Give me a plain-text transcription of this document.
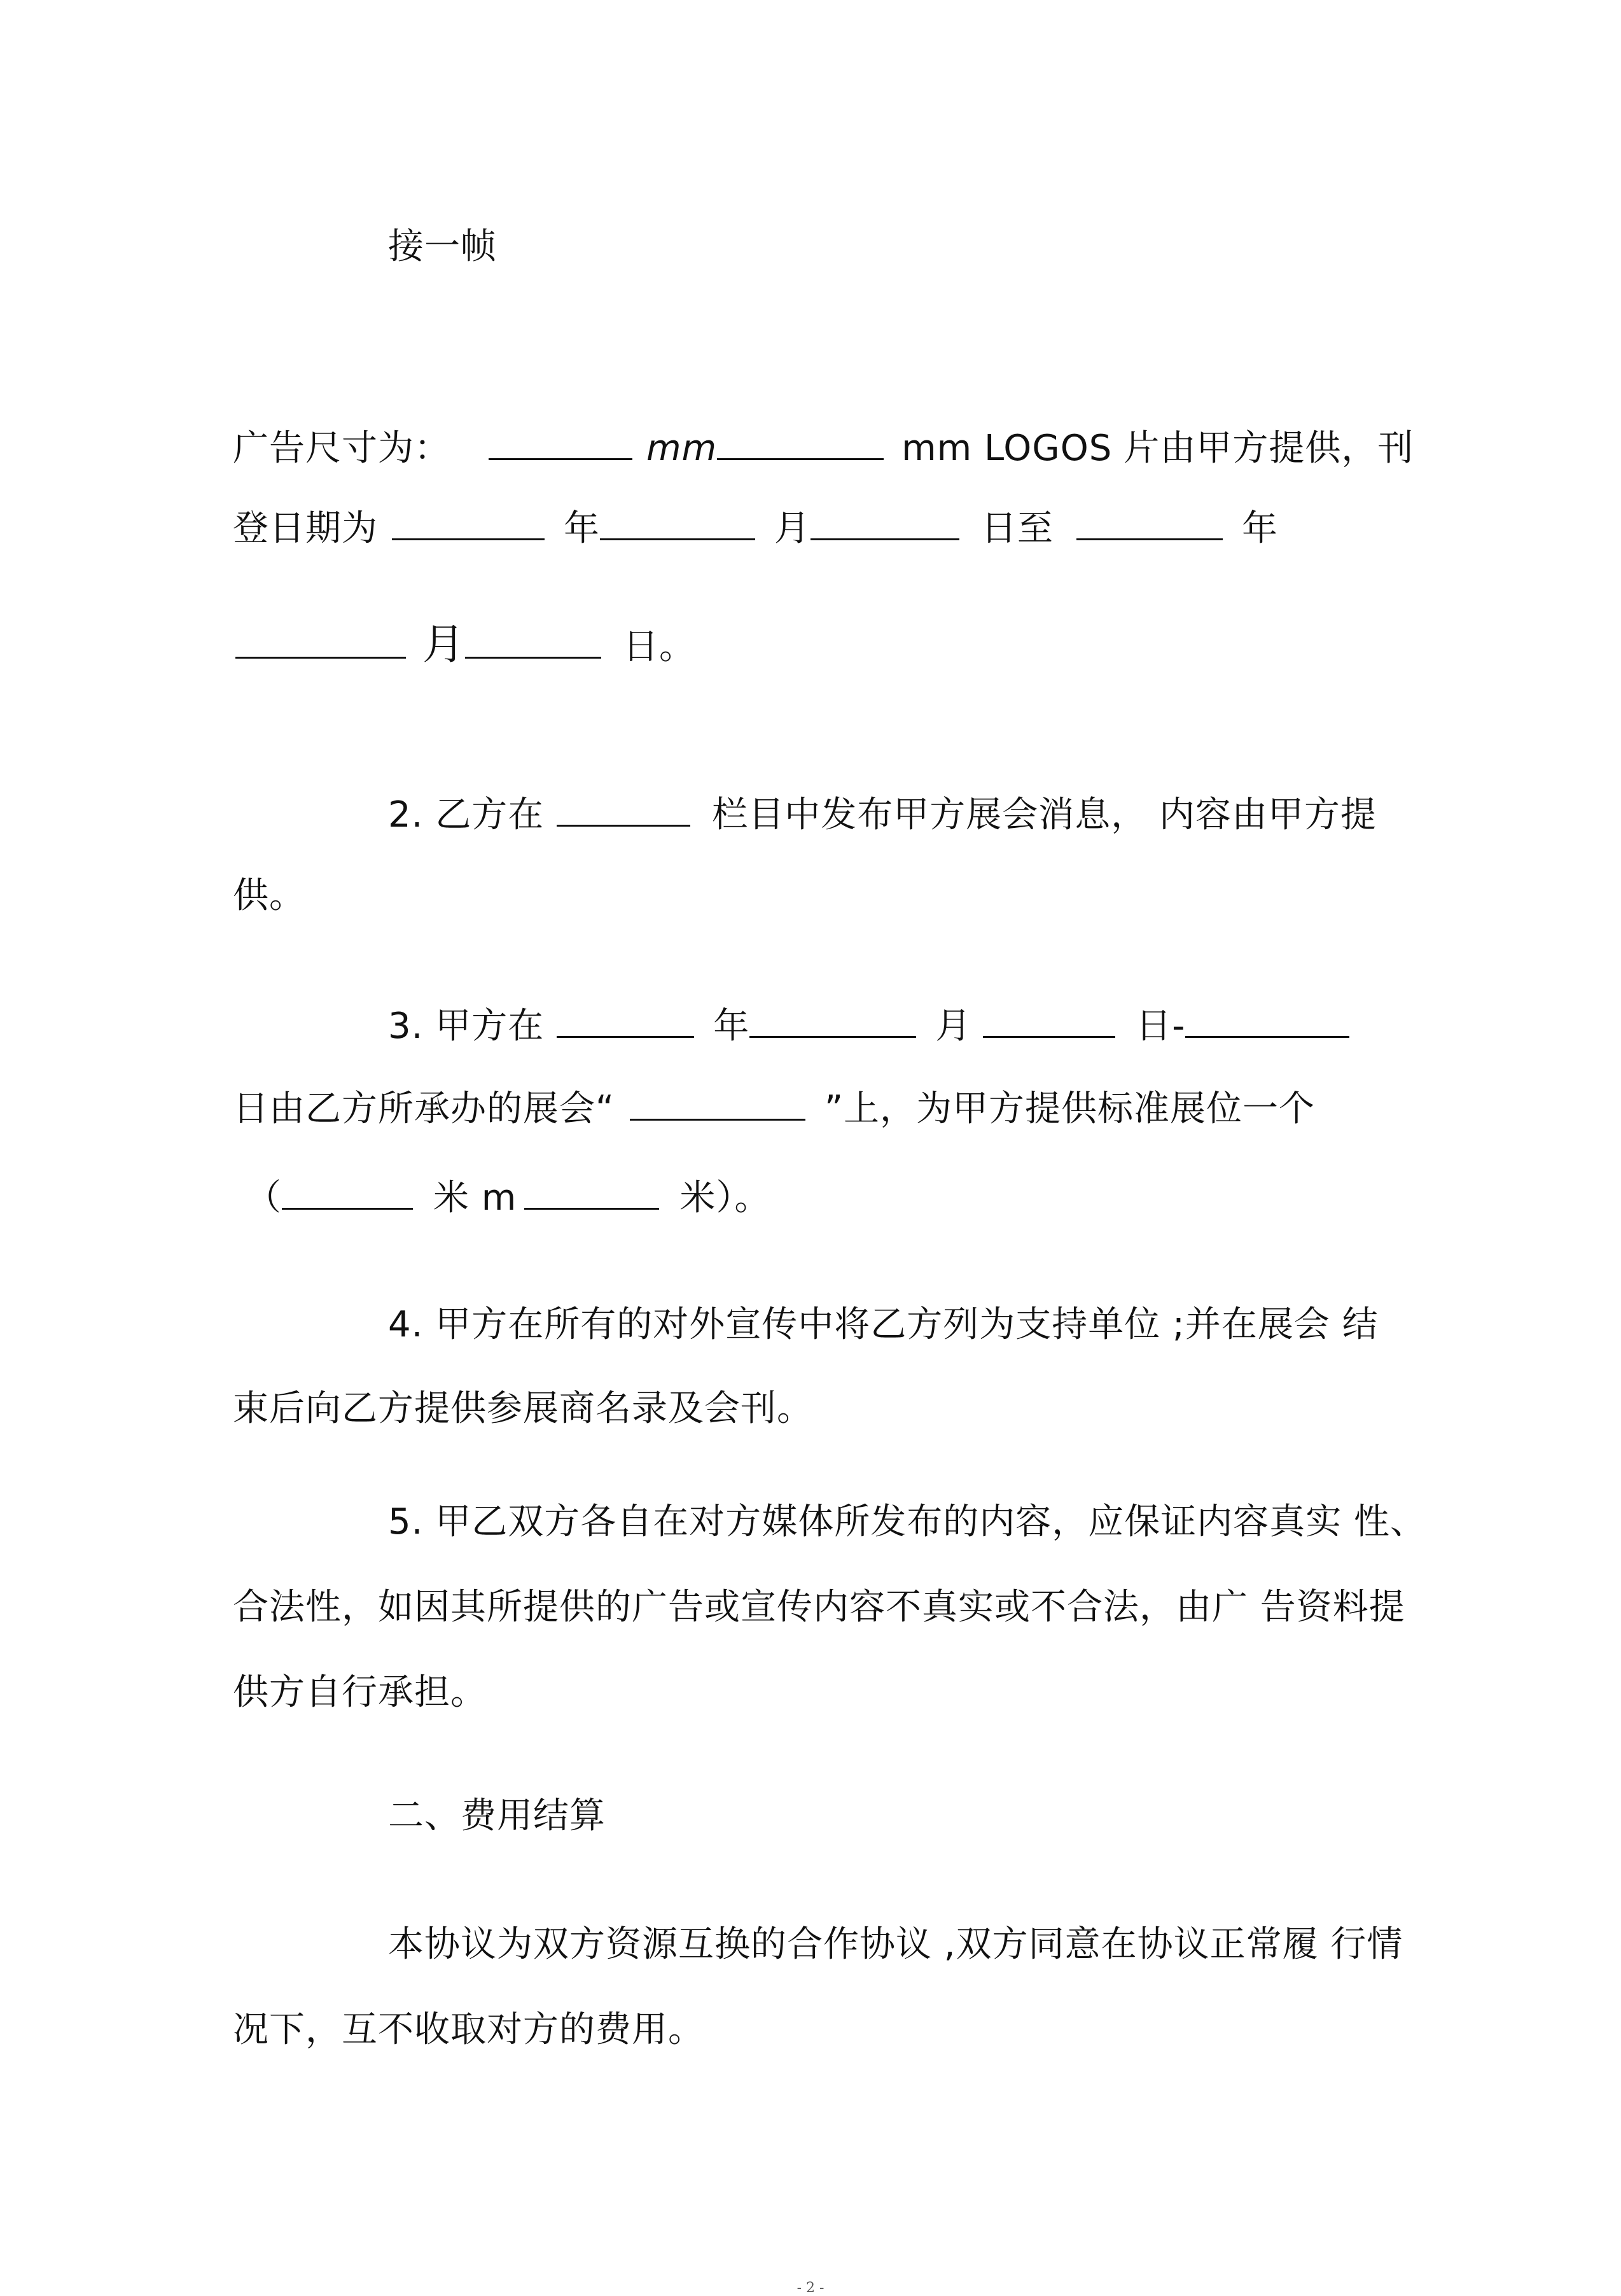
接一帧
广告尺寸为：	mm	mm LOGOS 片由甲方提供，刊
登日期为	年	月	日至	年
月	日。
2. 乙方在	栏目中发布甲方展会消息， 内容由甲方提
供。
3. 甲方在	年	月	日-
日由乙方所承办的展会“	”上，为甲方提供标准展位一个
（	米 m	米）。
4. 甲方在所有的对外宣传中将乙方列为支持单位 ;并在展会 结
束后向乙方提供参展商名录及会刊。
5. 甲乙双方各自在对方媒体所发布的内容，应保证内容真实 性、
合法性，如因其所提供的广告或宣传内容不真实或不合法，由广 告资料提
供方自行承担。
二、费用结算
本协议为双方资源互换的合作协议 ,双方同意在协议正常履 行情
况下，互不收取对方的费用。
- 2 -
